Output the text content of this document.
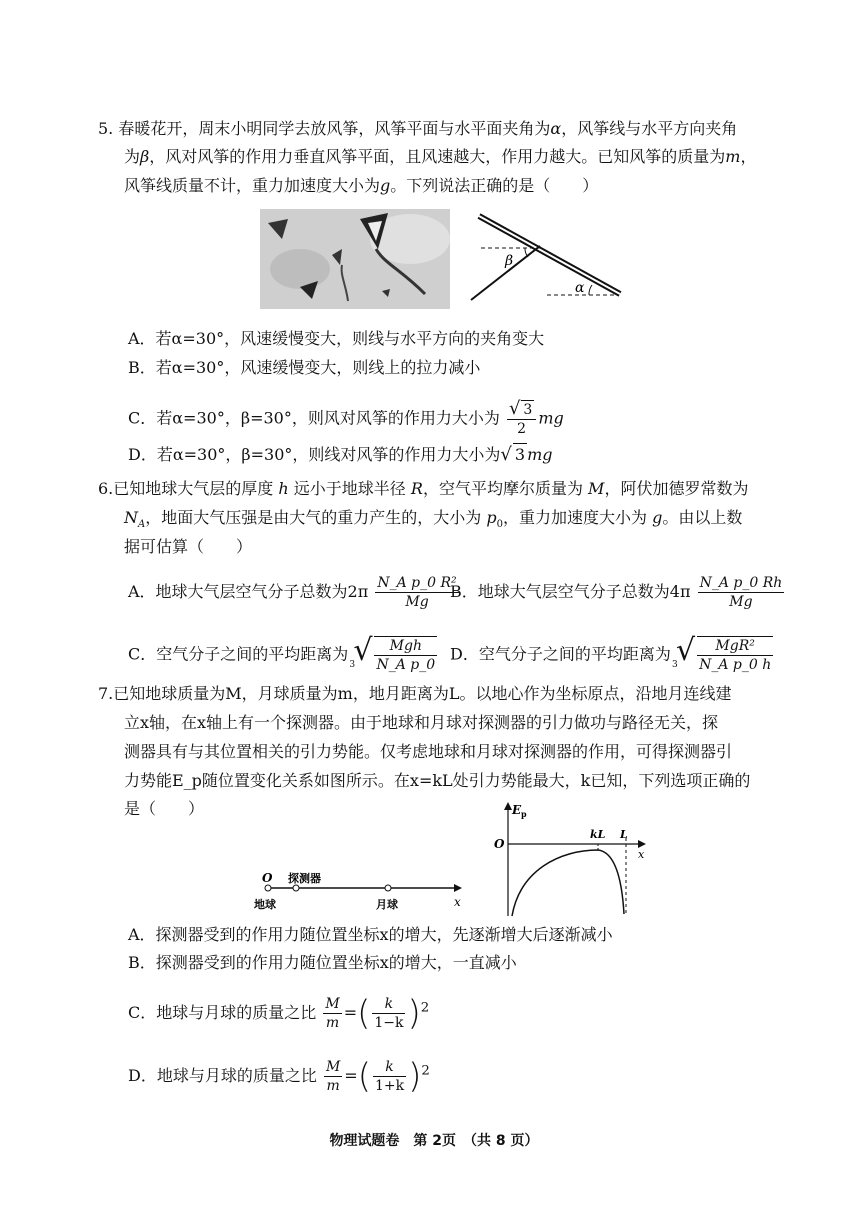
5. 春暖花开，周末小明同学去放风筝，风筝平面与水平面夹角为α，风筝线与水平方向夹角
为β，风对风筝的作用力垂直风筝平面，且风速越大，作用力越大。已知风筝的质量为m，
风筝线质量不计，重力加速度大小为g。下列说法正确的是（　　）
β
α
A．若α=30°，风速缓慢变大，则线与水平方向的夹角变大
B．若α=30°，风速缓慢变大，则线上的拉力减小
C．若α=30°，β=30°，则风对风筝的作用力大小为 $\frac{√ 3}{2}$ mg
D．若α=30°，β=30°，则线对风筝的作用力大小为√ 3 mg
6.已知地球大气层的厚度 h 远小于地球半径 R，空气平均摩尔质量为 M，阿伏加德罗常数为
$N_A$，地面大气压强是由大气的重力产生的，大小为 $p_0$，重力加速度大小为 g。由以上数
据可估算（　　）
A．地球大气层空气分子总数为$2\pi \frac{\text{N\_A p\_0 R²}}{Mg}$
B．地球大气层空气分子总数为$4\pi \frac{\text{N\_A p\_0 Rh}}{Mg}$
C．空气分子之间的平均距离为
3
√ $\frac{\text{Mgh}}{\text{N\_A p\_0}}$ D．空气分子之间的平均距离为
3
√ $\frac{\text{MgR²}}{\text{N\_A p\_0 h}}$
7.已知地球质量为M，月球质量为m，地月距离为L。以地心作为坐标原点，沿地月连线建
立x轴，在x轴上有一个探测器。由于地球和月球对探测器的引力做功与路径无关，探
测器具有与其位置相关的引力势能。仅考虑地球和月球对探测器的作用，可得探测器引
力势能E_p随位置变化关系如图所示。在x=kL处引力势能最大，k已知，下列选项正确的
是（　　）
O 探测器
地球	月球	x
E p
O
kL L
x
A．探测器受到的作用力随位置坐标x的增大，先逐渐增大后逐渐减小
B．探测器受到的作用力随位置坐标x的增大，一直减小
C．地球与月球的质量之比 $\frac{M}{m}$ =( $\frac{k}{1-k} )^2$
D．地球与月球的质量之比 $\frac{M}{m}$ =( $\frac{k}{1+k} )^2$
物理试题卷　第 2页　（共 8 页）
